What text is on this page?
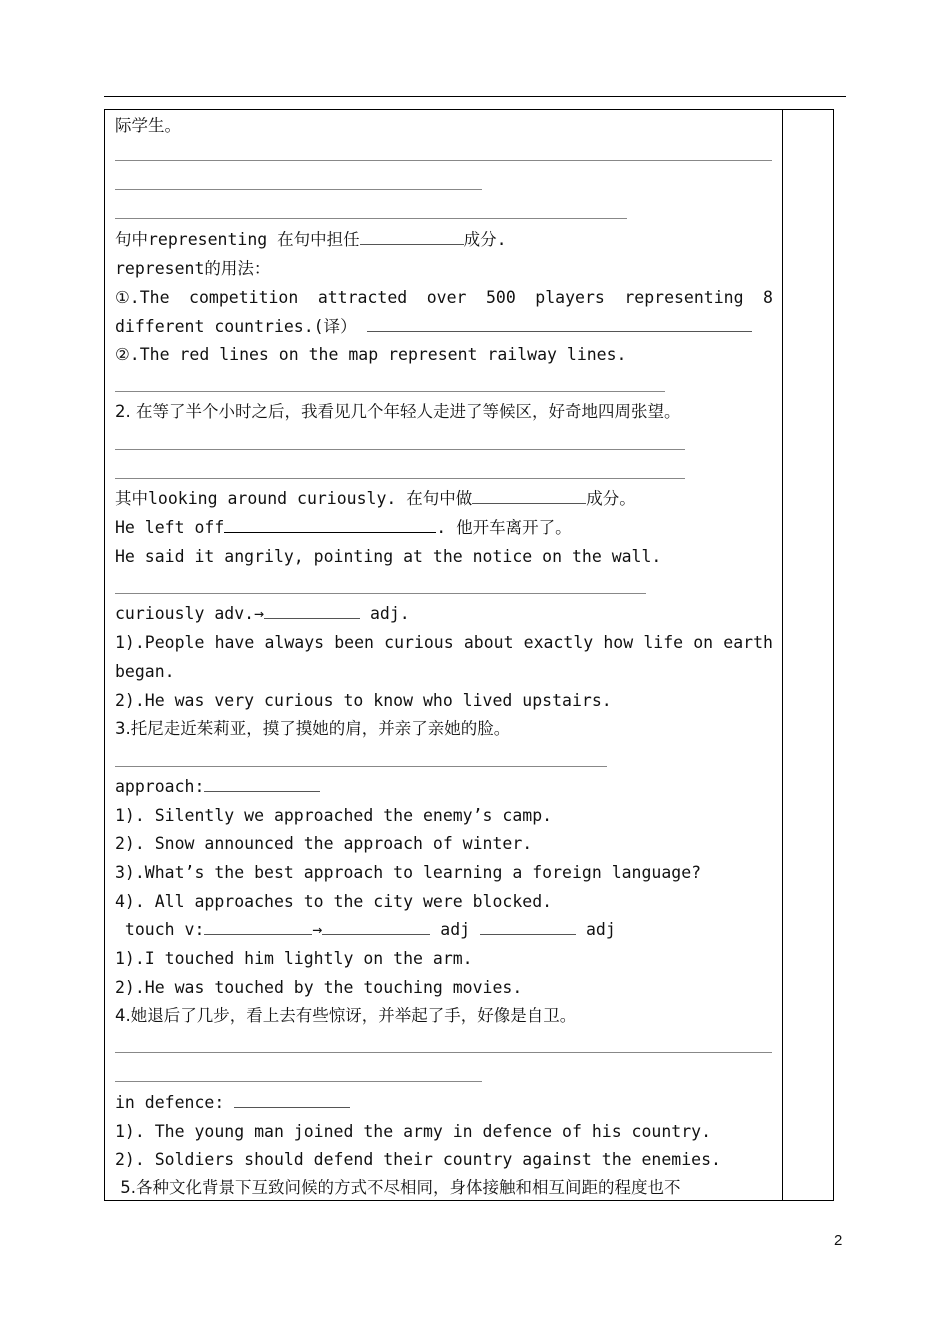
际学生。
句中representing 在句中担任	成分.
represent的用法：
①.The competition attracted over 500 players representing 8
different countries.(译）
②.The red lines on the map represent railway lines.
2. 在等了半个小时之后，我看见几个年轻人走进了等候区，好奇地四周张望。
其中looking around curiously. 在句中做	成分。
He left off	. 他开车离开了。
He said it angrily, pointing at the notice on the wall.
curiously adv.→	adj.
1).People have always been curious about exactly how life on earth
began.
2).He was very curious to know who lived upstairs.
3.托尼走近茱莉亚，摸了摸她的肩，并亲了亲她的脸。
approach:
1). Silently we approached the enemy’s camp.
2). Snow announced the approach of winter.
3).What’s the best approach to learning a foreign language?
4). All approaches to the city were blocked.
touch v:	→	adj	adj
1).I touched him lightly on the arm.
2).He was touched by the touching movies.
4.她退后了几步，看上去有些惊讶，并举起了手，好像是自卫。
in defence:
1). The young man joined the army in defence of his country.
2). Soldiers should defend their country against the enemies.
5.各种文化背景下互致问候的方式不尽相同，身体接触和相互间距的程度也不
2
